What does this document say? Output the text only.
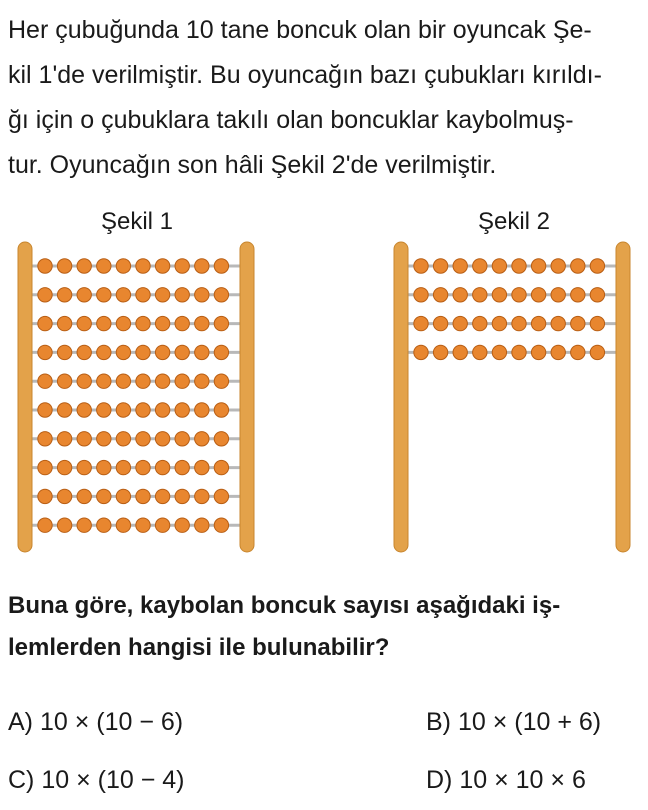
Her çubuğunda 10 tane boncuk olan bir oyuncak Şe-
kil 1'de verilmiştir. Bu oyuncağın bazı çubukları kırıldı-
ğı için o çubuklara takılı olan boncuklar kaybolmuş-
tur. Oyuncağın son hâli Şekil 2'de verilmiştir.

Şekil 1	Şekil 2

Buna göre, kaybolan boncuk sayısı aşağıdaki iş-
lemlerden hangisi ile bulunabilir?

A) 10 × (10 − 6)	B) 10 × (10 + 6)
C) 10 × (10 − 4)	D) 10 × 10 × 6
